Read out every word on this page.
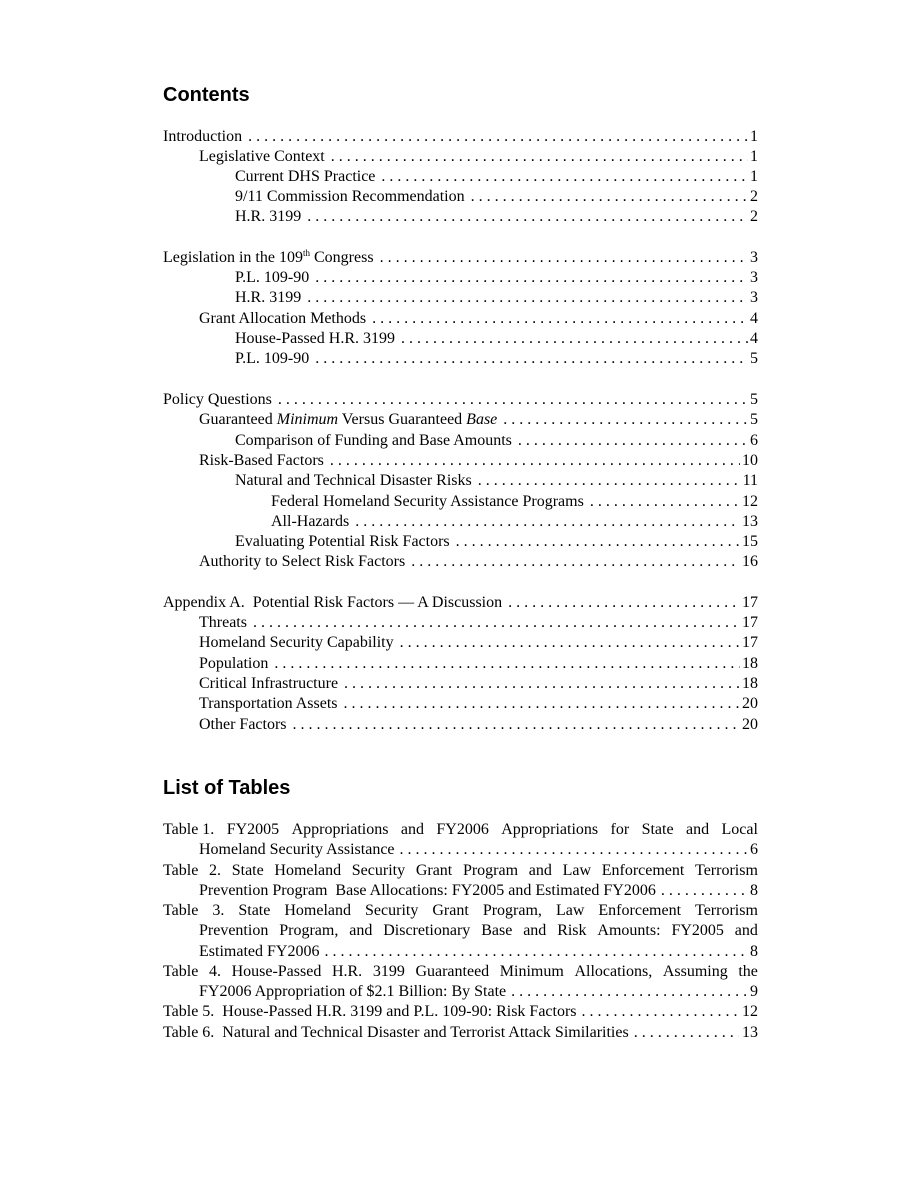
Contents
Introduction . . .	1
Legislative Context . . .	1
Current DHS Practice . . .	1
9/11 Commission Recommendation . . .	2
H.R. 3199 . . .	2
Legislation in the 109th Congress . . .	3
P.L. 109-90 . . .	3
H.R. 3199 . . .	3
Grant Allocation Methods . . .	4
House-Passed H.R. 3199 . . .	4
P.L. 109-90 . . .	5
Policy Questions . . .	5
Guaranteed Minimum Versus Guaranteed Base . . .	5
Comparison of Funding and Base Amounts . . .	6
Risk-Based Factors . . .	10
Natural and Technical Disaster Risks . . .	11
Federal Homeland Security Assistance Programs . . .	12
All-Hazards . . .	13
Evaluating Potential Risk Factors . . .	15
Authority to Select Risk Factors . . .	16
Appendix A.  Potential Risk Factors — A Discussion . . .	17
Threats . . .	17
Homeland Security Capability . . .	17
Population . . .	18
Critical Infrastructure . . .	18
Transportation Assets . . .	20
Other Factors . . .	20
List of Tables
Table 1. FY2005 Appropriations and FY2006 Appropriations for State and Local
Homeland Security Assistance . . .	6
Table 2. State Homeland Security Grant Program and Law Enforcement Terrorism
Prevention Program  Base Allocations: FY2005 and Estimated FY2006 . . .	8
Table 3. State Homeland Security Grant Program, Law Enforcement Terrorism
Prevention Program, and Discretionary Base and Risk Amounts: FY2005 and
Estimated FY2006 . . .	8
Table 4. House-Passed H.R. 3199 Guaranteed Minimum Allocations, Assuming the
FY2006 Appropriation of $2.1 Billion: By State . . .	9
Table 5.  House-Passed H.R. 3199 and P.L. 109-90: Risk Factors . . .	12
Table 6.  Natural and Technical Disaster and Terrorist Attack Similarities . . .	13
